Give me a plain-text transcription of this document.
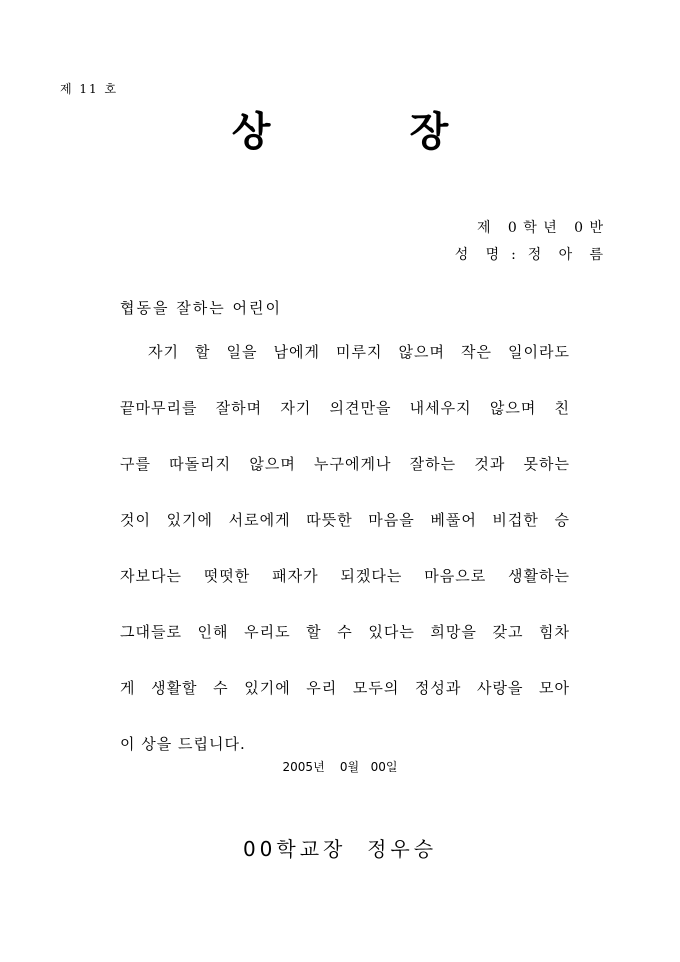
제 11 호
상          장
제   0 학 년   0 반
성   명  :  정   아   름
협동을 잘하는 어린이
자기 할 일을 남에게 미루지 않으며 작은 일이라도
끝마무리를 잘하며 자기 의견만을 내세우지 않으며 친
구를 따돌리지 않으며 누구에게나 잘하는 것과 못하는
것이 있기에 서로에게 따뜻한 마음을 베풀어 비겁한 승
자보다는 떳떳한 패자가 되겠다는 마음으로 생활하는
그대들로 인해 우리도 할 수 있다는 희망을 갖고 힘차
게 생활할 수 있기에 우리 모두의 정성과 사랑을 모아
이 상을 드립니다.
2005년    0월   00일
00학교장  정우승
